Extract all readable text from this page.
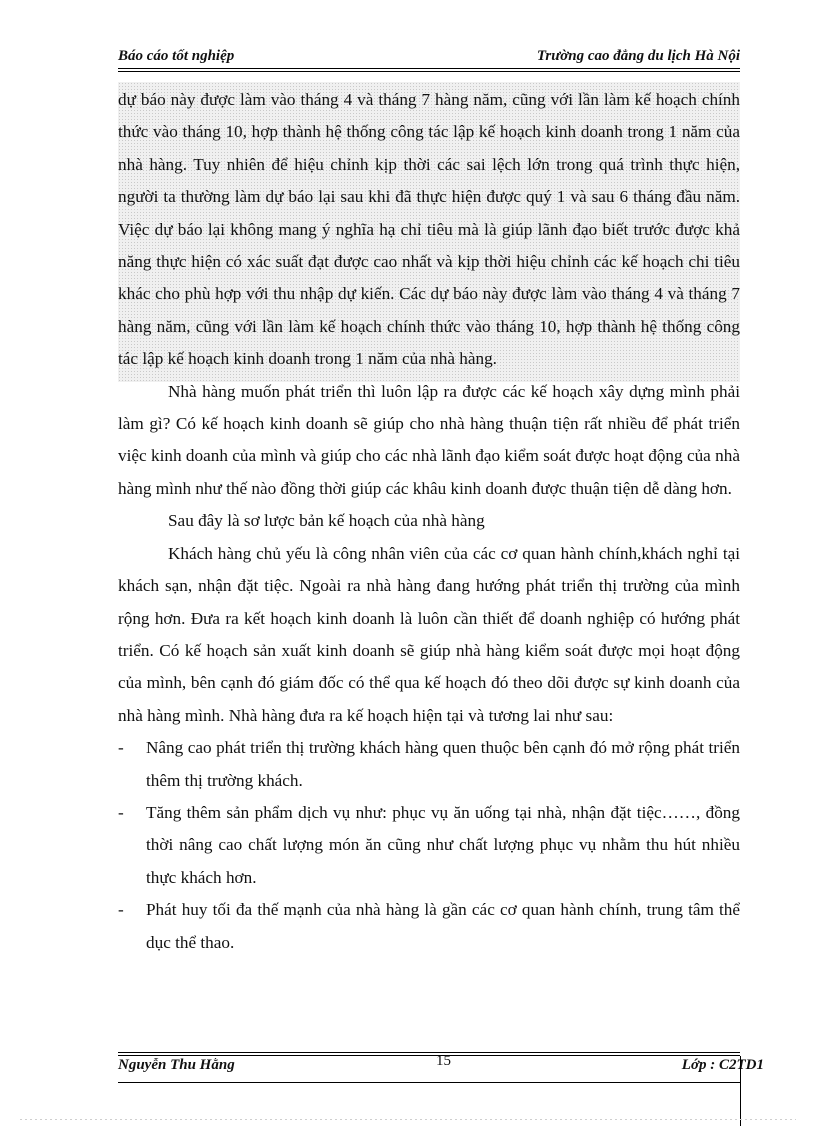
Báo cáo tốt nghiệp	Trường cao đẳng du lịch Hà Nội

dự báo này được làm vào tháng 4 và tháng 7 hàng năm, cũng với lần làm kế hoạch chính thức vào tháng 10, hợp thành hệ thống công tác lập kế hoạch kinh doanh trong 1 năm của nhà hàng. Tuy nhiên để hiệu chỉnh kịp thời các sai lệch lớn trong quá trình thực hiện, người ta thường làm dự báo lại sau khi đã thực hiện được quý 1 và sau 6 tháng đầu năm. Việc dự báo lại không mang ý nghĩa hạ chỉ tiêu mà là giúp lãnh đạo biết trước được khả năng thực hiện có xác suất đạt được cao nhất và kịp thời hiệu chỉnh các kế hoạch chi tiêu khác cho phù hợp với thu nhập dự kiến. Các dự báo này được làm vào tháng 4 và tháng 7 hàng năm, cũng với lần làm kế hoạch chính thức vào tháng 10, hợp thành hệ thống công tác lập kế hoạch kinh doanh trong 1 năm của nhà hàng.

Nhà hàng muốn phát triển thì luôn lập ra được các kế hoạch xây dựng mình phải làm gì? Có kế hoạch kinh doanh sẽ giúp cho nhà hàng thuận tiện rất nhiều để phát triển việc kinh doanh của mình và giúp cho các nhà lãnh đạo kiểm soát được hoạt động của nhà hàng mình như thế nào đồng thời giúp các khâu kinh doanh được thuận tiện dễ dàng hơn.

Sau đây là sơ lược bản kế hoạch của nhà hàng

Khách hàng chủ yếu là công nhân viên của các cơ quan hành chính,khách nghỉ tại khách sạn, nhận đặt tiệc. Ngoài ra nhà hàng đang hướng phát triển thị trường của mình rộng hơn. Đưa ra kết hoạch kinh doanh là luôn cần thiết để doanh nghiệp có hướng phát triển. Có kế hoạch sản xuất kinh doanh sẽ giúp nhà hàng kiểm soát được mọi hoạt động của mình, bên cạnh đó giám đốc có thể qua kế hoạch đó theo dõi được sự kinh doanh của nhà hàng mình. Nhà hàng đưa ra kế hoạch hiện tại và tương lai như sau:

- Nâng cao phát triển thị trường khách hàng quen thuộc bên cạnh đó mở rộng phát triển thêm thị trường khách.

- Tăng thêm sản phẩm dịch vụ như: phục vụ ăn uống tại nhà, nhận đặt tiệc……, đồng thời nâng cao chất lượng món ăn cũng như chất lượng phục vụ nhằm thu hút nhiều thực khách hơn.

- Phát huy tối đa thế mạnh của nhà hàng là gần các cơ quan hành chính, trung tâm thể dục thể thao.

Nguyễn Thu Hằng	15	Lớp : C2TD1
